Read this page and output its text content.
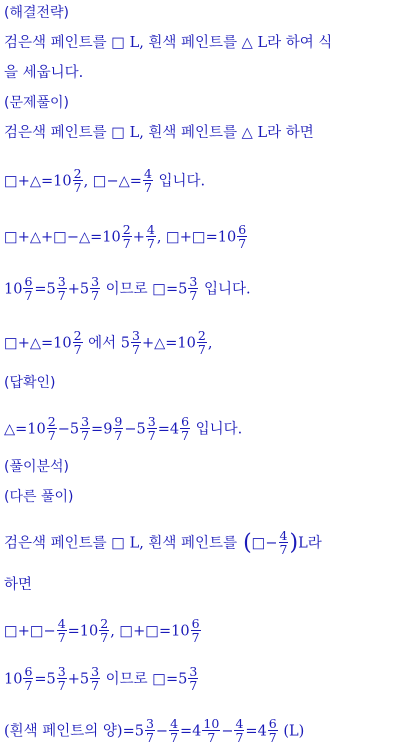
(해결전략)
검은색 페인트를 □ L, 흰색 페인트를 △ L라 하여 식
을 세웁니다.
(문제풀이)
검은색 페인트를 □ L, 흰색 페인트를 △ L라 하면
□+△=10 $\frac{2}{7}$ , □−△= $\frac{4}{7}$ 입니다.
□+△+□−△=10 $\frac{2}{7} + \frac{4}{7}$ , □+□=10 $\frac{6}{7}$
$10 \frac{6}{7} =5 \frac{3}{7} +5 \frac{3}{7}$ 이므로 □=5 $\frac{3}{7}$ 입니다.
□+△=10 $\frac{2}{7}$ 에서 $5 \frac{3}{7}$ +△=10 $\frac{2}{7}$ ,
(답확인)
△=10 $\frac{2}{7} -5 \frac{3}{7} =9 \frac{9}{7} -5 \frac{3}{7} =4 \frac{6}{7}$ 입니다.
(풀이분석)
(다른 풀이)
검은색 페인트를 □ L, 흰색 페인트를 (□− $\frac{4}{7} )L$라
하면
□+□− $\frac{4}{7} =10 \frac{2}{7}$ , □+□=10 $\frac{6}{7}$
$10 \frac{6}{7} =5 \frac{3}{7} +5 \frac{3}{7}$ 이므로 □=5 $\frac{3}{7}$
(흰색 페인트의 양)$=5 \frac{3}{7} - \frac{4}{7} =4 \frac{10}{7} - \frac{4}{7} =4 \frac{6}{7} (L)$
